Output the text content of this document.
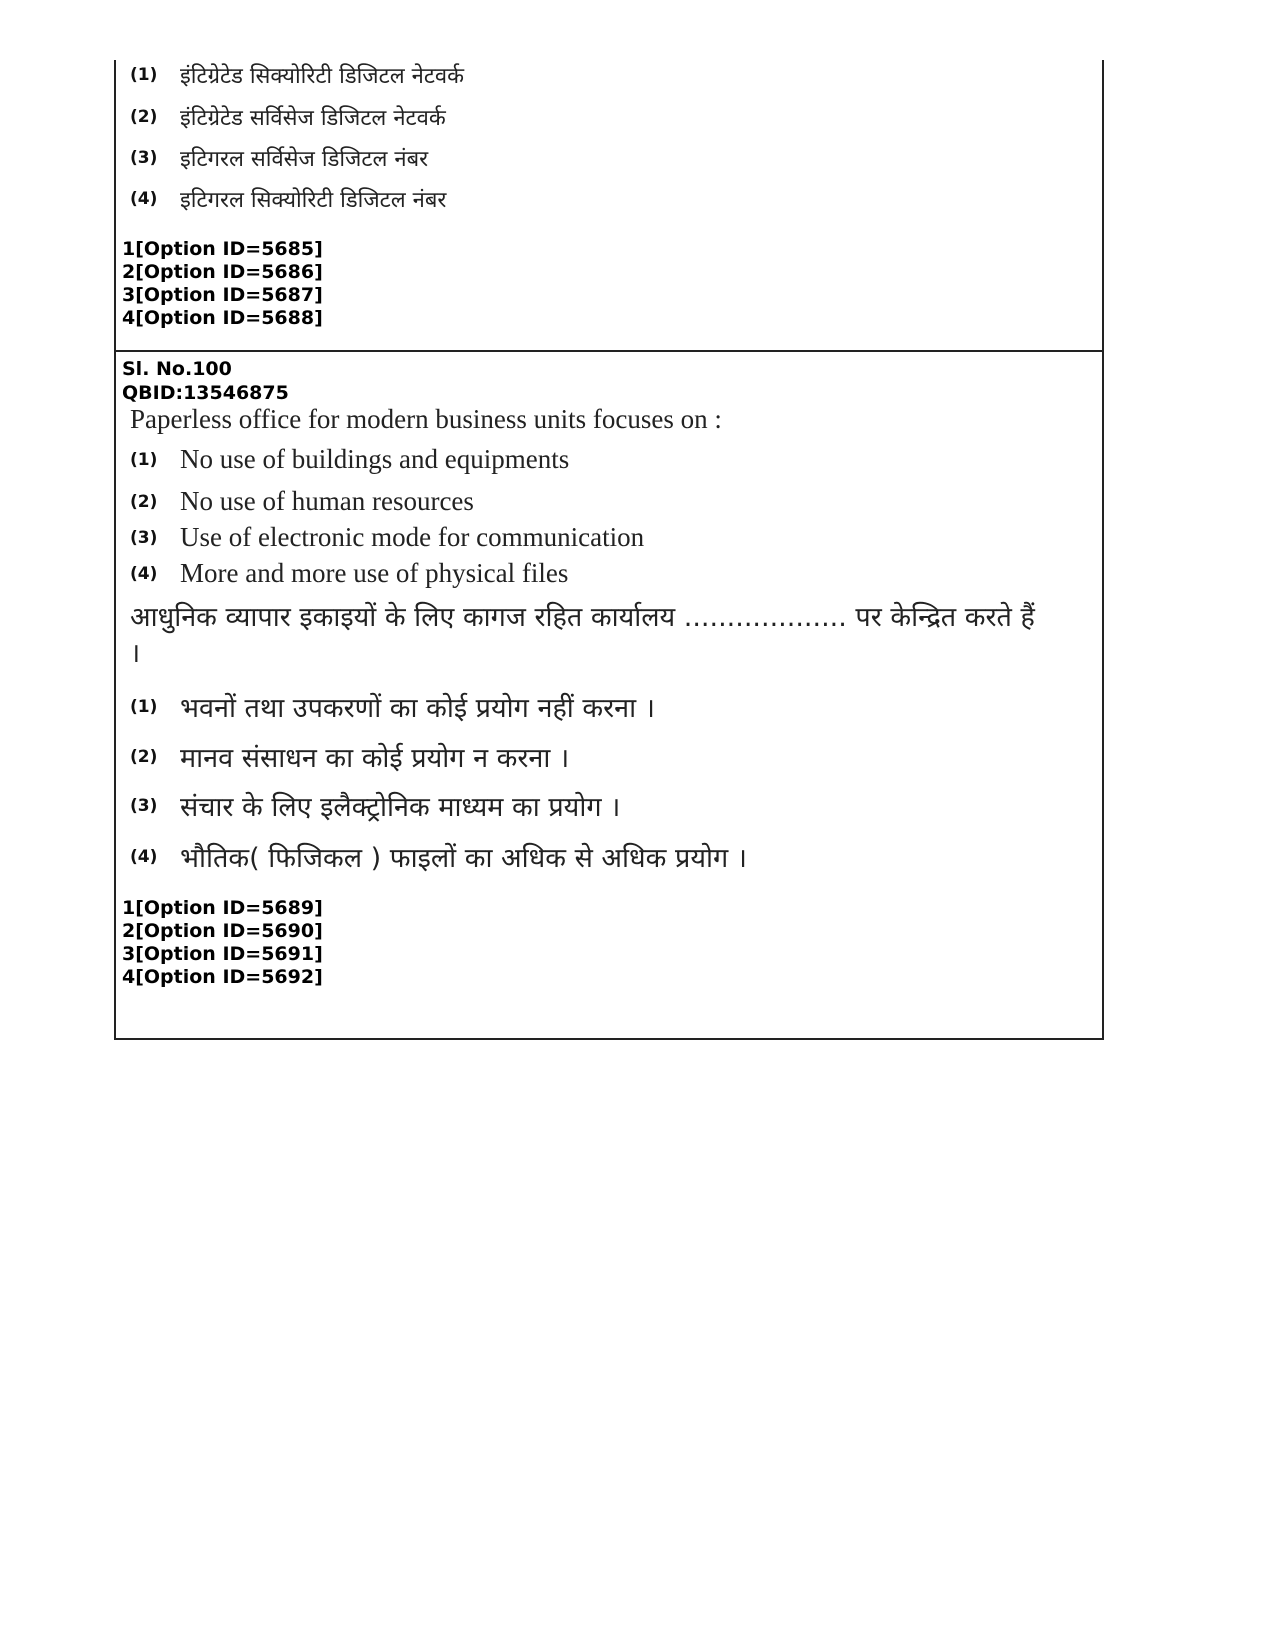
(1) इंटिग्रेटेड सिक्योरिटी डिजिटल नेटवर्क
(2) इंटिग्रेटेड सर्विसेज डिजिटल नेटवर्क
(3) इटिगरल सर्विसेज डिजिटल नंबर
(4) इटिगरल सिक्योरिटी डिजिटल नंबर
1[Option ID=5685]
2[Option ID=5686]
3[Option ID=5687]
4[Option ID=5688]
Sl. No.100
QBID:13546875
Paperless office for modern business units focuses on :
(1) No use of buildings and equipments
(2) No use of human resources
(3) Use of electronic mode for communication
(4) More and more use of physical files
आधुनिक व्यापार इकाइयों के लिए कागज रहित कार्यालय ................... पर केन्द्रित करते हैं ।
(1) भवनों तथा उपकरणों का कोई प्रयोग नहीं करना ।
(2) मानव संसाधन का कोई प्रयोग न करना ।
(3) संचार के लिए इलैक्ट्रोनिक माध्यम का प्रयोग ।
(4) भौतिक( फिजिकल ) फाइलों का अधिक से अधिक प्रयोग ।
1[Option ID=5689]
2[Option ID=5690]
3[Option ID=5691]
4[Option ID=5692]
